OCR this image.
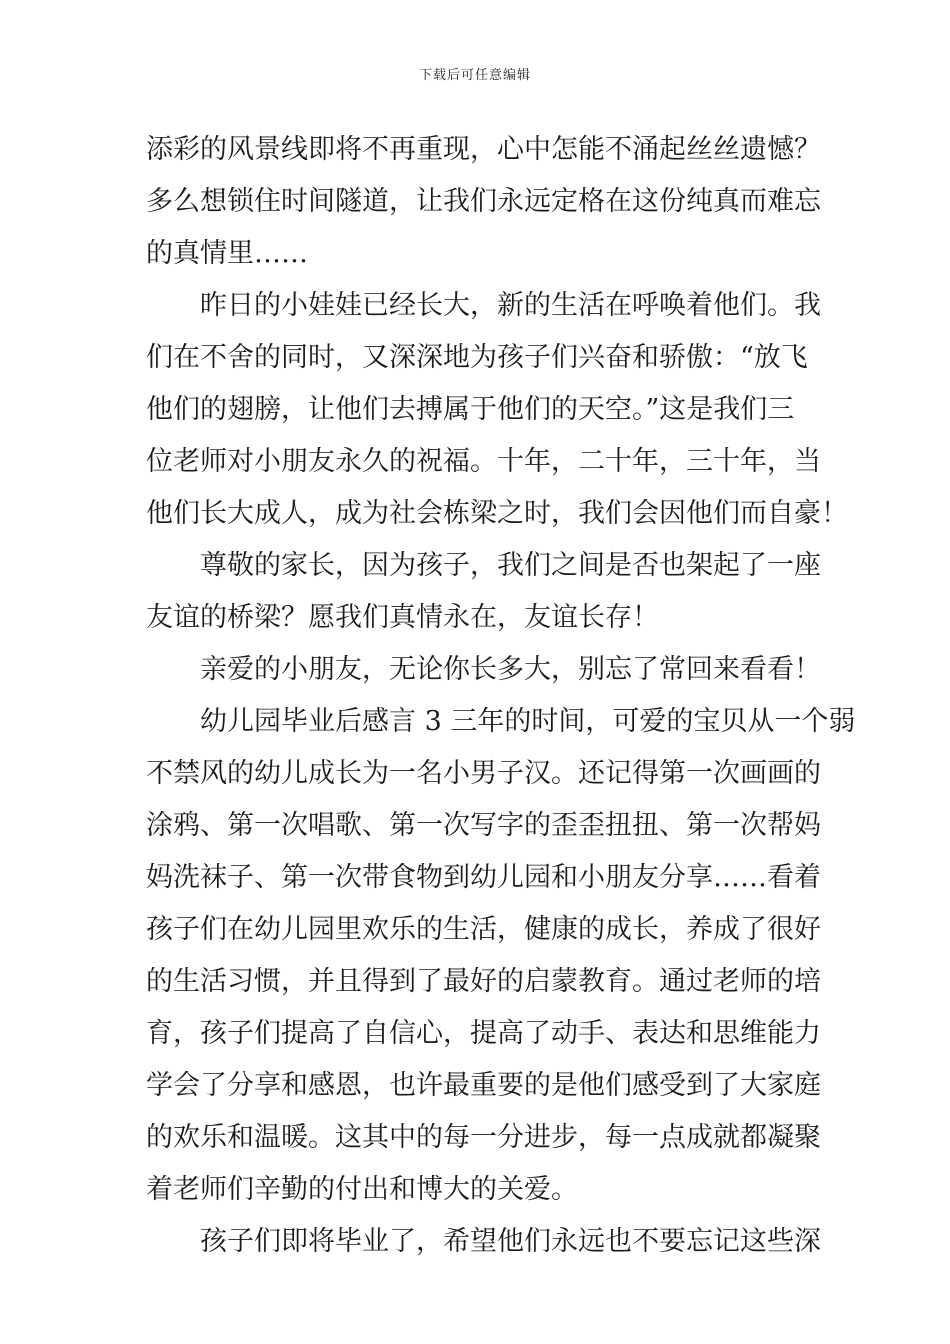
下载后可任意编辑
添彩的风景线即将不再重现，心中怎能不涌起丝丝遗憾？
多么想锁住时间隧道，让我们永远定格在这份纯真而难忘
的真情里……
昨日的小娃娃已经长大，新的生活在呼唤着他们。我
们在不舍的同时，又深深地为孩子们兴奋和骄傲：“放飞
他们的翅膀，让他们去搏属于他们的天空。”这是我们三
位老师对小朋友永久的祝福。十年，二十年，三十年，当
他们长大成人，成为社会栋梁之时，我们会因他们而自豪！
尊敬的家长，因为孩子，我们之间是否也架起了一座
友谊的桥梁？愿我们真情永在，友谊长存！
亲爱的小朋友，无论你长多大，别忘了常回来看看！
幼儿园毕业后感言 3 三年的时间，可爱的宝贝从一个弱
不禁风的幼儿成长为一名小男子汉。还记得第一次画画的
涂鸦、第一次唱歌、第一次写字的歪歪扭扭、第一次帮妈
妈洗袜子、第一次带食物到幼儿园和小朋友分享……看着
孩子们在幼儿园里欢乐的生活，健康的成长，养成了很好
的生活习惯，并且得到了最好的启蒙教育。通过老师的培
育，孩子们提高了自信心，提高了动手、表达和思维能力
学会了分享和感恩，也许最重要的是他们感受到了大家庭
的欢乐和温暖。这其中的每一分进步，每一点成就都凝聚
着老师们辛勤的付出和博大的关爱。
孩子们即将毕业了，希望他们永远也不要忘记这些深
